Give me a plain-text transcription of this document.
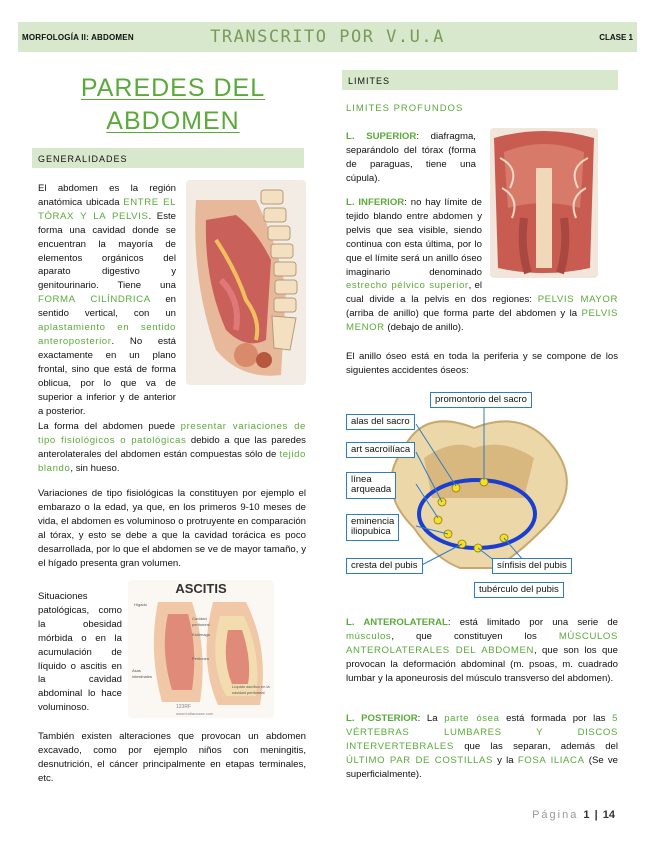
MORFOLOGÍA II: ABDOMEN	TRANSCRITO POR V.U.A	CLASE 1
PAREDES DEL
ABDOMEN
GENERALIDADES
El abdomen es la región anatómica ubicada ENTRE EL TÓRAX Y LA PELVIS. Este forma una cavidad donde se encuentran la mayoría de elementos orgánicos del aparato digestivo y genitourinario. Tiene una FORMA CILÍNDRICA en sentido vertical, con un aplastamiento en sentido anteroposterior. No está exactamente en un plano frontal, sino que está de forma oblicua, por lo que va de superior a inferior y de anterior a posterior.
La forma del abdomen puede presentar variaciones de tipo fisiológicos o patológicas debido a que las paredes anterolaterales del abdomen están compuestas sólo de tejido blando, sin hueso.
Variaciones de tipo fisiológicas la constituyen por ejemplo el embarazo o la edad, ya que, en los primeros 9-10 meses de vida, el abdomen es voluminoso o protruyente en comparación al tórax, y esto se debe a que la cavidad torácica es poco desarrollada, por lo que el abdomen se ve de mayor tamaño, y el hígado presenta gran volumen.
ASCITIS
Hígado
Cavidad peritoneal
Estómago
Peritoneo
Asas intestinales
Líquido ascítico en la cavidad peritoneal
123RF
www.indiacuase.com
Situaciones patológicas, como la obesidad mórbida o en la acumulación de líquido o ascitis en la cavidad abdominal lo hace voluminoso.
También existen alteraciones que provocan un abdomen excavado, como por ejemplo niños con meningitis, desnutrición, el cáncer principalmente en etapas terminales, etc.
LIMITES
LIMITES PROFUNDOS
L. SUPERIOR: diafragma, separándolo del tórax (forma de paraguas, tiene una cúpula).
L. INFERIOR: no hay límite de tejido blando entre abdomen y pelvis que sea visible, siendo continua con esta última, por lo que el límite será un anillo óseo imaginario denominado estrecho pélvico superior, el cual divide a la pelvis en dos regiones: PELVIS MAYOR (arriba de anillo) que forma parte del abdomen y la PELVIS MENOR (debajo de anillo).
El anillo óseo está en toda la periferia y se compone de los siguientes accidentes óseos:
promontorio del sacro
alas del sacro
art sacroilíaca
línea
arqueada
eminencia
iliopubica
cresta del pubis	sínfisis del pubis
tubérculo del pubis
L. ANTEROLATERAL: está limitado por una serie de músculos, que constituyen los MÚSCULOS ANTEROLATERALES DEL ABDOMEN, que son los que provocan la deformación abdominal (m. psoas, m. cuadrado lumbar y la aponeurosis del músculo transverso del abdomen).
L. POSTERIOR: La parte ósea está formada por las 5 VÉRTEBRAS LUMBARES Y DISCOS INTERVERTEBRALES que las separan, además del ÚLTIMO PAR DE COSTILLAS y la FOSA ILIACA (Se ve superficialmente).
Página 1 | 14
